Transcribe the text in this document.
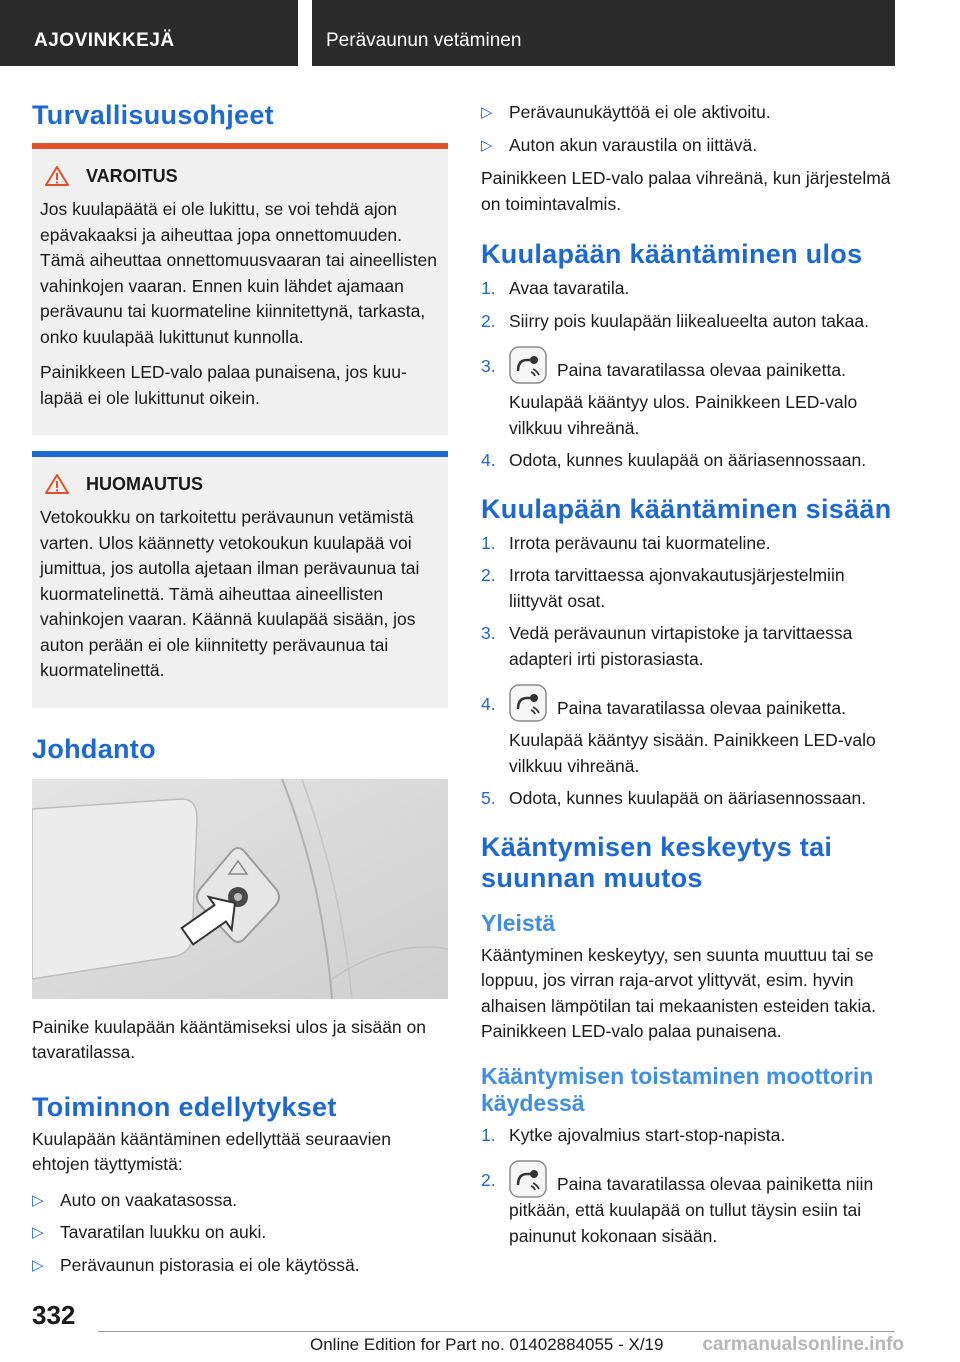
AJOVINKKEJÄ	Perävaunun vetäminen
Turvallisuusohjeet
VAROITUS

Jos kuulapäätä ei ole lukittu, se voi tehdä ajon epävakaaksi ja aiheuttaa jopa onnettomuuden. Tämä aiheuttaa onnettomuusvaaran tai aineellisten vahinkojen vaaran. Ennen kuin lähdet ajamaan perävaunu tai kuormateline kiinnitettynä, tarkasta, onko kuulapää lukittunut kunnolla.

Painikkeen LED-valo palaa punaisena, jos kuulapää ei ole lukittunut oikein.

HUOMAUTUS

Vetokoukku on tarkoitettu perävaunun vetämistä varten. Ulos käännetty vetokoukun kuulapää voi jumittua, jos autolla ajetaan ilman perävaunua tai kuormatelinettä. Tämä aiheuttaa aineellisten vahinkojen vaaran. Käännä kuulapää sisään, jos auton perään ei ole kiinnitetty perävaunua tai kuormatelinettä.

Johdanto

Painike kuulapään kääntämiseksi ulos ja sisään on tavaratilassa.

Toiminnon edellytykset

Kuulapään kääntäminen edellyttää seuraavien ehtojen täyttymistä:

▷ Auto on vaakatasossa.
▷ Tavaratilan luukku on auki.
▷ Perävaunun pistorasia ei ole käytössä.
▷ Perävaunukäyttöä ei ole aktivoitu.
▷ Auton akun varaustila on iittävä.

Painikkeen LED-valo palaa vihreänä, kun järjestelmä on toimintavalmis.

Kuulapään kääntäminen ulos
1. Avaa tavaratila.
2. Siirry pois kuulapään liikealueelta auton takaa.
3.	Paina tavaratilassa olevaa painiketta.
Kuulapää kääntyy ulos. Painikkeen LED-valo vilkkuu vihreänä.
4. Odota, kunnes kuulapää on ääriasennossaan.
Kuulapään kääntäminen sisään
1. Irrota perävaunu tai kuormateline.
2. Irrota tarvittaessa ajonvakautusjärjestelmiin liittyvät osat.
3. Vedä perävaunun virtapistoke ja tarvittaessa adapteri irti pistorasiasta.
4.	Paina tavaratilassa olevaa painiketta.
Kuulapää kääntyy sisään. Painikkeen LED-valo vilkkuu vihreänä.
5. Odota, kunnes kuulapää on ääriasennossaan.
Kääntymisen keskeytys tai suunnan muutos
Yleistä

Kääntyminen keskeytyy, sen suunta muuttuu tai se loppuu, jos virran raja-arvot ylittyvät, esim. hyvin alhaisen lämpötilan tai mekaanisten esteiden takia. Painikkeen LED-valo palaa punaisena.

Kääntymisen toistaminen moottorin käydessä
1. Kytke ajovalmius start-stop-napista.
2.	Paina tavaratilassa olevaa painiketta niin pitkään, että kuulapää on tullut täysin esiin tai painunut kokonaan sisään.
332
Online Edition for Part no. 01402884055 - X/19	carmanualsonline.info
